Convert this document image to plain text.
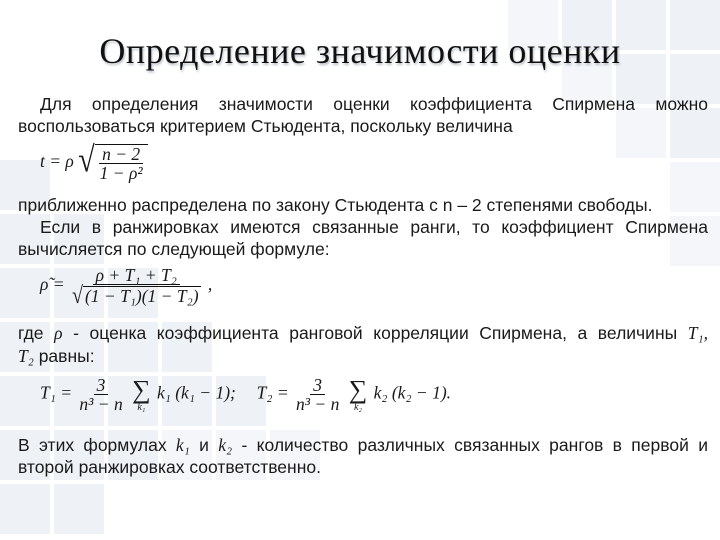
Определение значимости оценки
Для определения значимости оценки коэффициента Спирмена можно
воспользоваться критерием Стьюдента, поскольку величина
t = ρ √ $\frac{n - 2}{\text{1 − ρ²}}$
приближенно распределена по закону Стьюдента с n – 2 степенями свободы.
Если в ранжировках имеются связанные ранги, то коэффициент Спирмена
вычисляется по следующей формуле:
ρ̃ = $\frac{\text{ρ + T₁ + T₂}}{\text{√ (1 − T₁)(1 − T₂)}}$ ,
где ρ - оценка коэффициента ранговой корреляции Спирмена, а величины T₁,
T₂ равны:
$T_1 = \frac{3}{\text{n³ − n}}$
∑
k₁
k₁ (k₁ − 1); $T_2 = \frac{3}{\text{n³ − n}}$
∑
k₂
k₂ (k₂ − 1).
В этих формулах k₁ и k₂ - количество различных связанных рангов в первой и
второй ранжировках соответственно.
